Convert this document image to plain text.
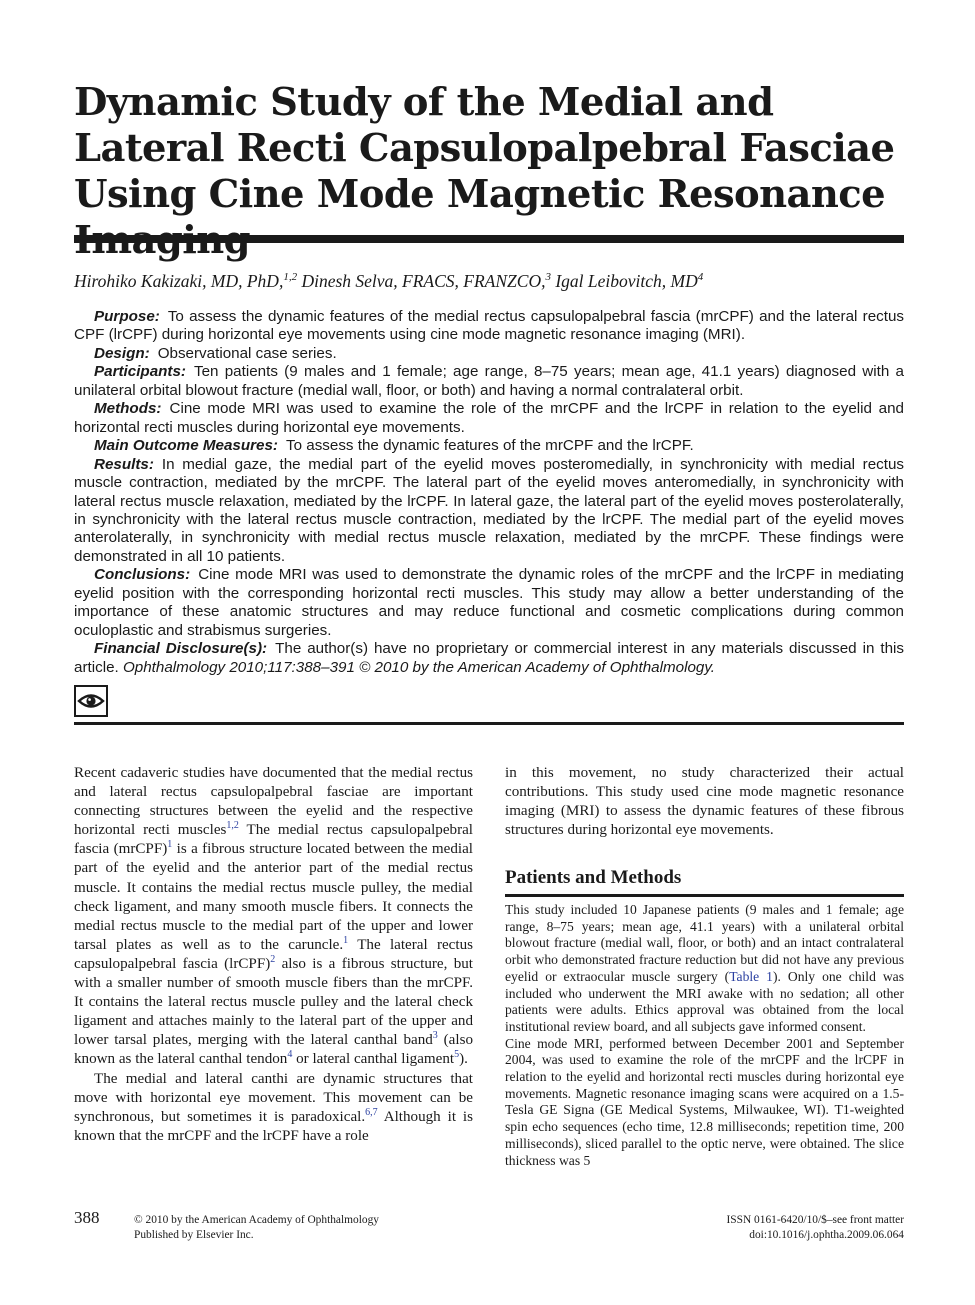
Dynamic Study of the Medial and Lateral Recti Capsulopalpebral Fasciae Using Cine Mode Magnetic Resonance
Hirohiko Kakizaki, MD, PhD,$^{1,2}$ Dinesh Selva, FRACS, FRANZCO,$^3$ Igal Leibovitch, $MD^4$

Purpose: To assess the dynamic features of the medial rectus capsulopalpebral fascia (mrCPF) and the lateral rectus CPF (lrCPF) during horizontal eye movements using cine mode magnetic resonance imaging (MRI).

Design: Observational case series.

Participants: Ten patients (9 males and 1 female; age range, 8–75 years; mean age, 41.1 years) diagnosed with a unilateral orbital blowout fracture (medial wall, floor, or both) and having a normal contralateral orbit.

Methods: Cine mode MRI was used to examine the role of the mrCPF and the lrCPF in relation to the eyelid and horizontal recti muscles during horizontal eye movements.

Main Outcome Measures: To assess the dynamic features of the mrCPF and the lrCPF.

Results: In medial gaze, the medial part of the eyelid moves posteromedially, in synchronicity with medial rectus muscle contraction, mediated by the mrCPF. The lateral part of the eyelid moves anteromedially, in synchronicity with lateral rectus muscle relaxation, mediated by the lrCPF. In lateral gaze, the lateral part of the eyelid moves posterolaterally, in synchronicity with the lateral rectus muscle contraction, mediated by the lrCPF. The medial part of the eyelid moves anterolaterally, in synchronicity with medial rectus muscle relaxation, mediated by the mrCPF. These findings were demonstrated in all 10 patients.

Conclusions: Cine mode MRI was used to demonstrate the dynamic roles of the mrCPF and the lrCPF in mediating eyelid position with the corresponding horizontal recti muscles. This study may allow a better understanding of the importance of these anatomic structures and may reduce functional and cosmetic complications during common oculoplastic and strabismus surgeries.

Financial Disclosure(s): The author(s) have no proprietary or commercial interest in any materials discussed in this article. Ophthalmology 2010;117:388–391 © 2010 by the American Academy of Ophthalmology.

Recent cadaveric studies have documented that the medial rectus and lateral rectus capsulopalpebral fasciae are important connecting structures between the eyelid and the respective horizontal recti muscles$^{1,2}$ The medial rectus capsulopalpebral fascia (mrCPF)$^1$ is a fibrous structure located between the medial part of the eyelid and the anterior part of the medial rectus muscle. It contains the medial rectus muscle pulley, the medial check ligament, and many smooth muscle fibers. It connects the medial rectus muscle to the medial part of the upper and lower tarsal plates as well as to the caruncle.$^1$ The lateral rectus capsulopalpebral fascia (lrCPF)$^2$ also is a fibrous structure, but with a smaller number of smooth muscle fibers than the mrCPF. It contains the lateral rectus muscle pulley and the lateral check ligament and attaches mainly to the lateral part of the upper and lower tarsal plates, merging with the lateral canthal band$^3$ (also known as the lateral canthal tendon$^4$ or lateral canthal ligament$^5$).

The medial and lateral canthi are dynamic structures that move with horizontal eye movement. This movement can be synchronous, but sometimes it is paradoxical.$^{6,7}$ Although it is known that the mrCPF and the lrCPF have a role

in this movement, no study characterized their actual contributions. This study used cine mode magnetic resonance imaging (MRI) to assess the dynamic features of these fibrous structures during horizontal eye movements.

Patients and Methods

This study included 10 Japanese patients (9 males and 1 female; age range, 8–75 years; mean age, 41.1 years) with a unilateral orbital blowout fracture (medial wall, floor, or both) and an intact contralateral orbit who demonstrated fracture reduction but did not have any previous eyelid or extraocular muscle surgery (Table 1). Only one child was included who underwent the MRI awake with no sedation; all other patients were adults. Ethics approval was obtained from the local institutional review board, and all subjects gave informed consent.

Cine mode MRI, performed between December 2001 and September 2004, was used to examine the role of the mrCPF and the lrCPF in relation to the eyelid and horizontal recti muscles during horizontal eye movements. Magnetic resonance imaging scans were acquired on a 1.5-Tesla GE Signa (GE Medical Systems, Milwaukee, WI). T1-weighted spin echo sequences (echo time, 12.8 milliseconds; repetition time, 200 milliseconds), sliced parallel to the optic nerve, were obtained. The slice thickness was 5

388	© 2010 by the American Academy of Ophthalmology
Published by Elsevier Inc.
ISSN 0161-6420/10/$–see front matter
doi:10.1016/j.ophtha.2009.06.064
